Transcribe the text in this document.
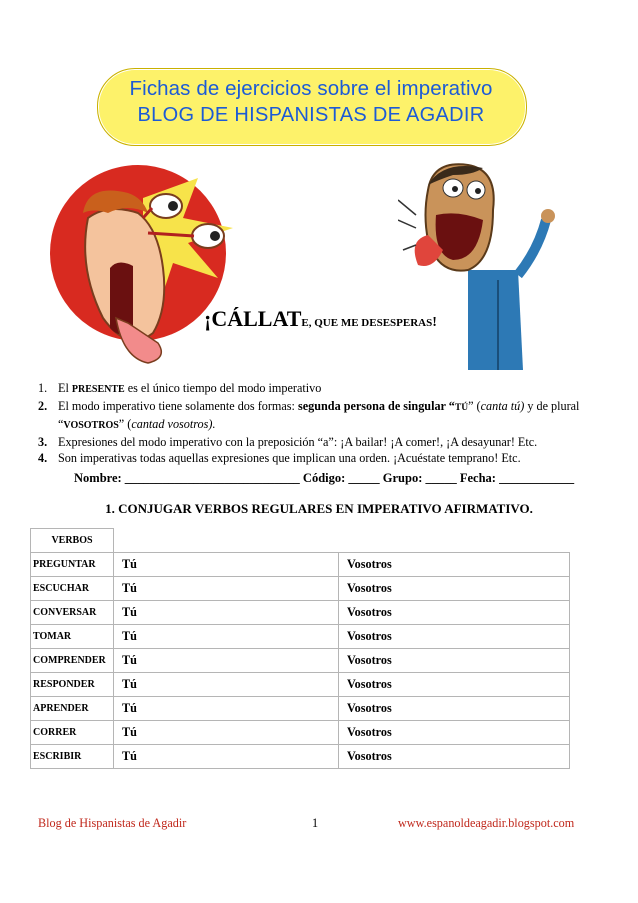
Fichas de ejercicios sobre el imperativo
BLOG DE HISPANISTAS DE AGADIR
¡CÁLLATE, QUE ME DESESPERAS!
1. El PRESENTE es el único tiempo del modo imperativo
2. El modo imperativo tiene solamente dos formas: segunda persona de singular “TÚ” (canta tú) y de plural “VOSOTROS” (cantad vosotros).
3. Expresiones del modo imperativo con la preposición “a”: ¡A bailar! ¡A comer!, ¡A desayunar! Etc.
4. Son imperativas todas aquellas expresiones que implican una orden. ¡Acuéstate temprano! Etc.
Nombre: ____________________________ Código: _____ Grupo: _____ Fecha: ____________
1. CONJUGAR VERBOS REGULARES EN IMPERATIVO AFIRMATIVO.
VERBOS		
PREGUNTAR	Tú	Vosotros
ESCUCHAR	Tú	Vosotros
CONVERSAR	Tú	Vosotros
TOMAR	Tú	Vosotros
COMPRENDER	Tú	Vosotros
RESPONDER	Tú	Vosotros
APRENDER	Tú	Vosotros
CORRER	Tú	Vosotros
ESCRIBIR	Tú	Vosotros
Blog de Hispanistas de Agadir	1	www.espanoldeagadir.blogspot.com
